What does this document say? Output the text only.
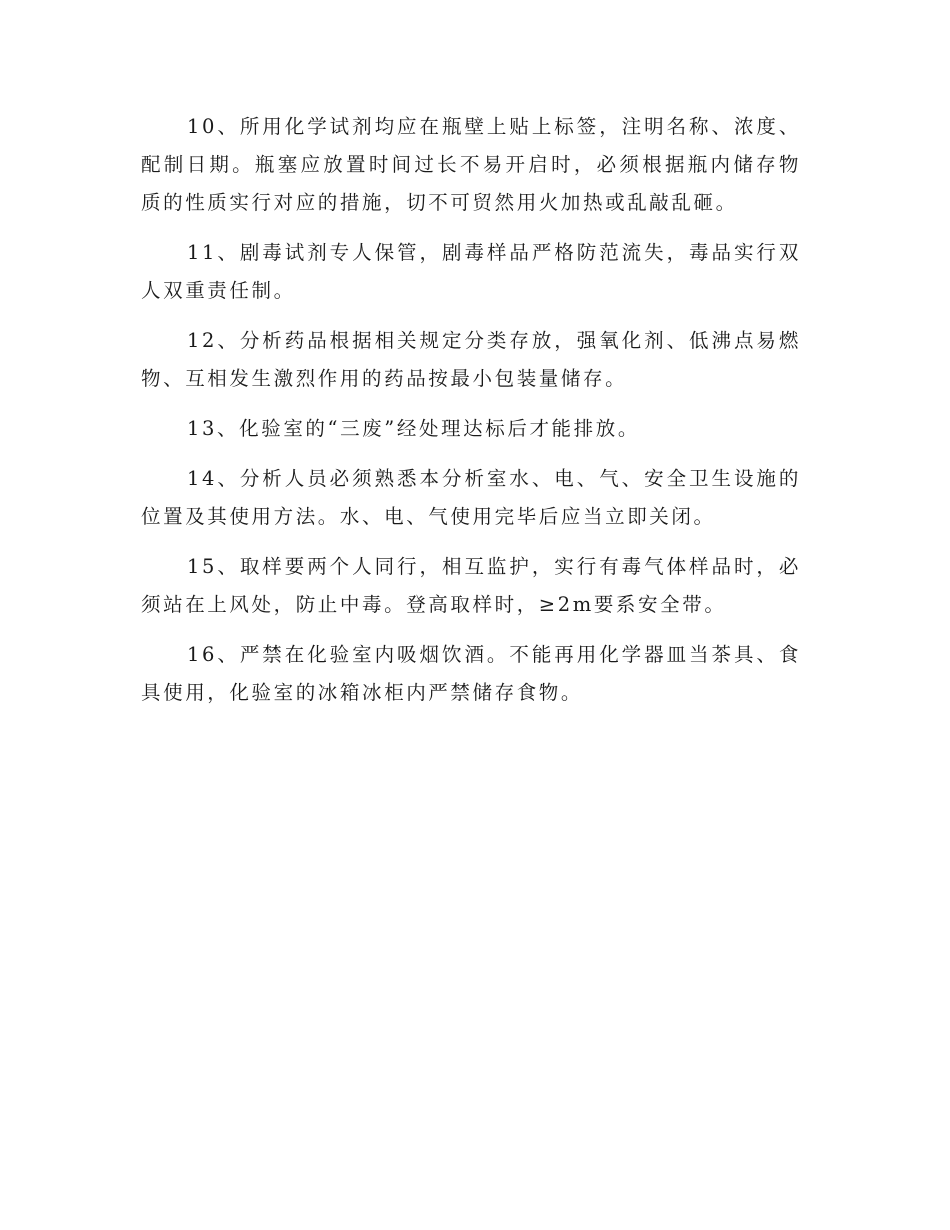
10、所用化学试剂均应在瓶壁上贴上标签，注明名称、浓度、配制日期。瓶塞应放置时间过长不易开启时，必须根据瓶内储存物质的性质实行对应的措施，切不可贸然用火加热或乱敲乱砸。

11、剧毒试剂专人保管，剧毒样品严格防范流失，毒品实行双人双重责任制。

12、分析药品根据相关规定分类存放，强氧化剂、低沸点易燃物、互相发生激烈作用的药品按最小包装量储存。

13、化验室的“三废”经处理达标后才能排放。

14、分析人员必须熟悉本分析室水、电、气、安全卫生设施的位置及其使用方法。水、电、气使用完毕后应当立即关闭。

15、取样要两个人同行，相互监护，实行有毒气体样品时，必须站在上风处，防止中毒。登高取样时，≥2m要系安全带。

16、严禁在化验室内吸烟饮酒。不能再用化学器皿当茶具、食具使用，化验室的冰箱冰柜内严禁储存食物。
